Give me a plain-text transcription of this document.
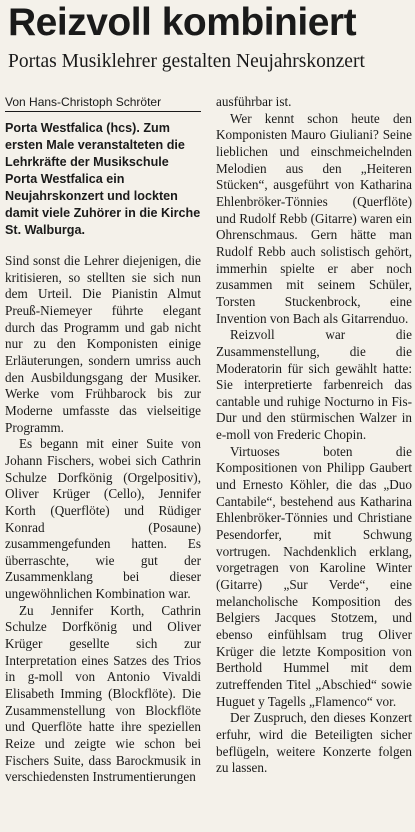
Reizvoll kombiniert
Portas Musiklehrer gestalten Neujahrskonzert
Von Hans-Christoph Schröter

Porta Westfalica (hcs). Zum ersten Male veranstalteten die Lehrkräfte der Musikschule Porta Westfalica ein Neujahrskonzert und lockten damit viele Zuhörer in die Kirche St. Walburga.

Sind sonst die Lehrer diejenigen, die kritisieren, so stellten sie sich nun dem Urteil. Die Pianistin Almut Preuß-Niemeyer führte elegant durch das Programm und gab nicht nur zu den Komponisten einige Erläuterungen, sondern umriss auch den Ausbildungsgang der Musiker. Werke vom Frühbarock bis zur Moderne umfasste das vielseitige Programm.

Es begann mit einer Suite von Johann Fischers, wobei sich Cathrin Schulze Dorfkönig (Orgelpositiv), Oliver Krüger (Cello), Jennifer Korth (Querflöte) und Rüdiger Konrad (Posaune) zusammengefunden hatten. Es überraschte, wie gut der Zusammenklang bei dieser ungewöhnlichen Kombination war.

Zu Jennifer Korth, Cathrin Schulze Dorfkönig und Oliver Krüger gesellte sich zur Interpretation eines Satzes des Trios in g-moll von Antonio Vivaldi Elisabeth Imming (Blockflöte). Die Zusammenstellung von Blockflöte und Querflöte hatte ihre speziellen Reize und zeigte wie schon bei Fischers Suite, dass Barockmusik in verschiedensten Instrumentierungen

ausführbar ist.

Wer kennt schon heute den Komponisten Mauro Giuliani? Seine lieblichen und einschmeichelnden Melodien aus den „Heiteren Stücken“, ausgeführt von Katharina Ehlenbröker-Tönnies (Querflöte) und Rudolf Rebb (Gitarre) waren ein Ohrenschmaus. Gern hätte man Rudolf Rebb auch solistisch gehört, immerhin spielte er aber noch zusammen mit seinem Schüler, Torsten Stuckenbrock, eine Invention von Bach als Gitarrenduo.

Reizvoll war die Zusammenstellung, die die Moderatorin für sich gewählt hatte: Sie interpretierte farbenreich das cantable und ruhige Nocturno in Fis-Dur und den stürmischen Walzer in e-moll von Frederic Chopin.

Virtuoses boten die Kompositionen von Philipp Gaubert und Ernesto Köhler, die das „Duo Cantabile“, bestehend aus Katharina Ehlenbröker-Tönnies und Christiane Pesendorfer, mit Schwung vortrugen. Nachdenklich erklang, vorgetragen von Karoline Winter (Gitarre) „Sur Verde“, eine melancholische Komposition des Belgiers Jacques Stotzem, und ebenso einfühlsam trug Oliver Krüger die letzte Komposition von Berthold Hummel mit dem zutreffenden Titel „Abschied“ sowie Huguet y Tagells „Flamenco“ vor.

Der Zuspruch, den dieses Konzert erfuhr, wird die Beteiligten sicher beflügeln, weitere Konzerte folgen zu lassen.
